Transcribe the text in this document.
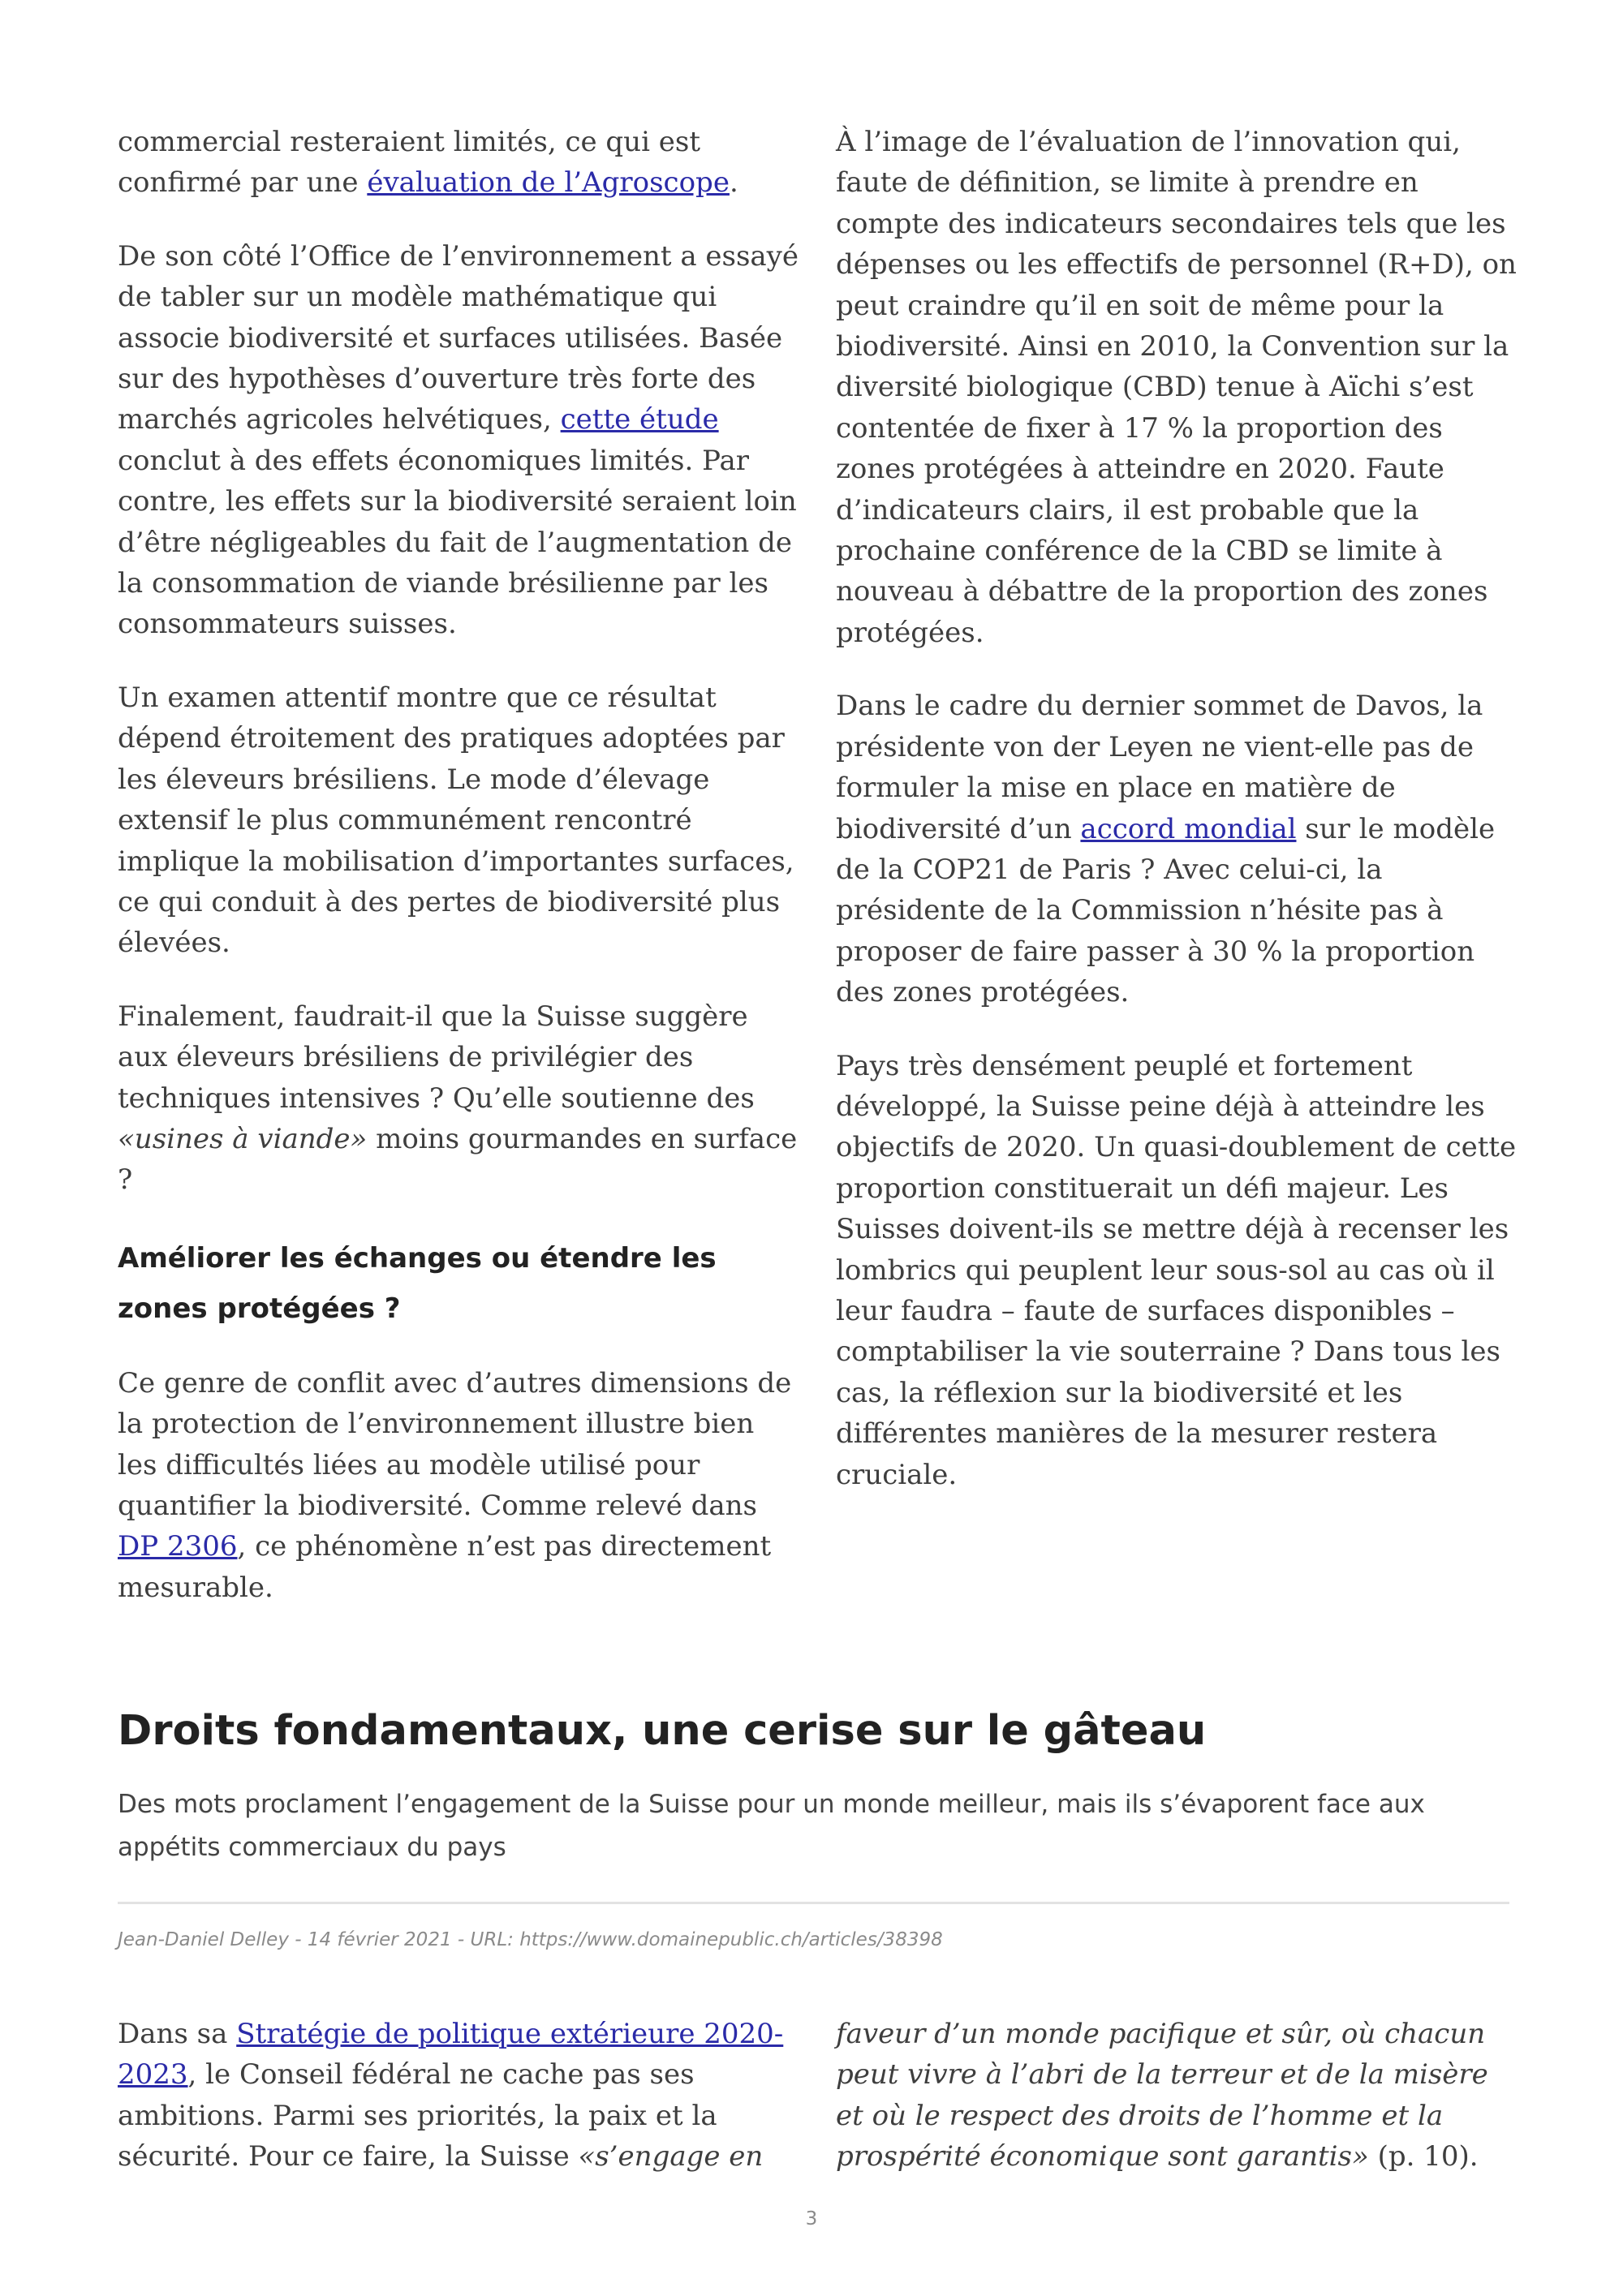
commercial resteraient limités, ce qui est confirmé par une évaluation de l’Agroscope.

De son côté l’Office de l’environnement a essayé de tabler sur un modèle mathématique qui associe biodiversité et surfaces utilisées. Basée sur des hypothèses d’ouverture très forte des marchés agricoles helvétiques, cette étude conclut à des effets économiques limités. Par contre, les effets sur la biodiversité seraient loin d’être négligeables du fait de l’augmentation de la consommation de viande brésilienne par les consommateurs suisses.

Un examen attentif montre que ce résultat dépend étroitement des pratiques adoptées par les éleveurs brésiliens. Le mode d’élevage extensif le plus communément rencontré implique la mobilisation d’importantes surfaces, ce qui conduit à des pertes de biodiversité plus élevées.

Finalement, faudrait-il que la Suisse suggère aux éleveurs brésiliens de privilégier des techniques intensives ? Qu’elle soutienne des «usines à viande» moins gourmandes en surface ?

Améliorer les échanges ou étendre les zones protégées ?

Ce genre de conflit avec d’autres dimensions de la protection de l’environnement illustre bien les difficultés liées au modèle utilisé pour quantifier la biodiversité. Comme relevé dans DP 2306, ce phénomène n’est pas directement mesurable.

À l’image de l’évaluation de l’innovation qui, faute de définition, se limite à prendre en compte des indicateurs secondaires tels que les dépenses ou les effectifs de personnel (R+D), on peut craindre qu’il en soit de même pour la biodiversité. Ainsi en 2010, la Convention sur la diversité biologique (CBD) tenue à Aïchi s’est contentée de fixer à 17 % la proportion des zones protégées à atteindre en 2020. Faute d’indicateurs clairs, il est probable que la prochaine conférence de la CBD se limite à nouveau à débattre de la proportion des zones protégées.

Dans le cadre du dernier sommet de Davos, la présidente von der Leyen ne vient-elle pas de formuler la mise en place en matière de biodiversité d’un accord mondial sur le modèle de la COP21 de Paris ? Avec celui-ci, la présidente de la Commission n’hésite pas à proposer de faire passer à 30 % la proportion des zones protégées.

Pays très densément peuplé et fortement développé, la Suisse peine déjà à atteindre les objectifs de 2020. Un quasi-doublement de cette proportion constituerait un défi majeur. Les Suisses doivent-ils se mettre déjà à recenser les lombrics qui peuplent leur sous-sol au cas où il leur faudra – faute de surfaces disponibles – comptabiliser la vie souterraine ? Dans tous les cas, la réflexion sur la biodiversité et les différentes manières de la mesurer restera cruciale.

Droits fondamentaux, une cerise sur le gâteau

Des mots proclament l’engagement de la Suisse pour un monde meilleur, mais ils s’évaporent face aux appétits commerciaux du pays

Jean-Daniel Delley - 14 février 2021 - URL: https://www.domainepublic.ch/articles/38398

Dans sa Stratégie de politique extérieure 2020-2023, le Conseil fédéral ne cache pas ses ambitions. Parmi ses priorités, la paix et la sécurité. Pour ce faire, la Suisse «s’engage en

faveur d’un monde pacifique et sûr, où chacun peut vivre à l’abri de la terreur et de la misère et où le respect des droits de l’homme et la prospérité économique sont garantis» (p. 10).

3
